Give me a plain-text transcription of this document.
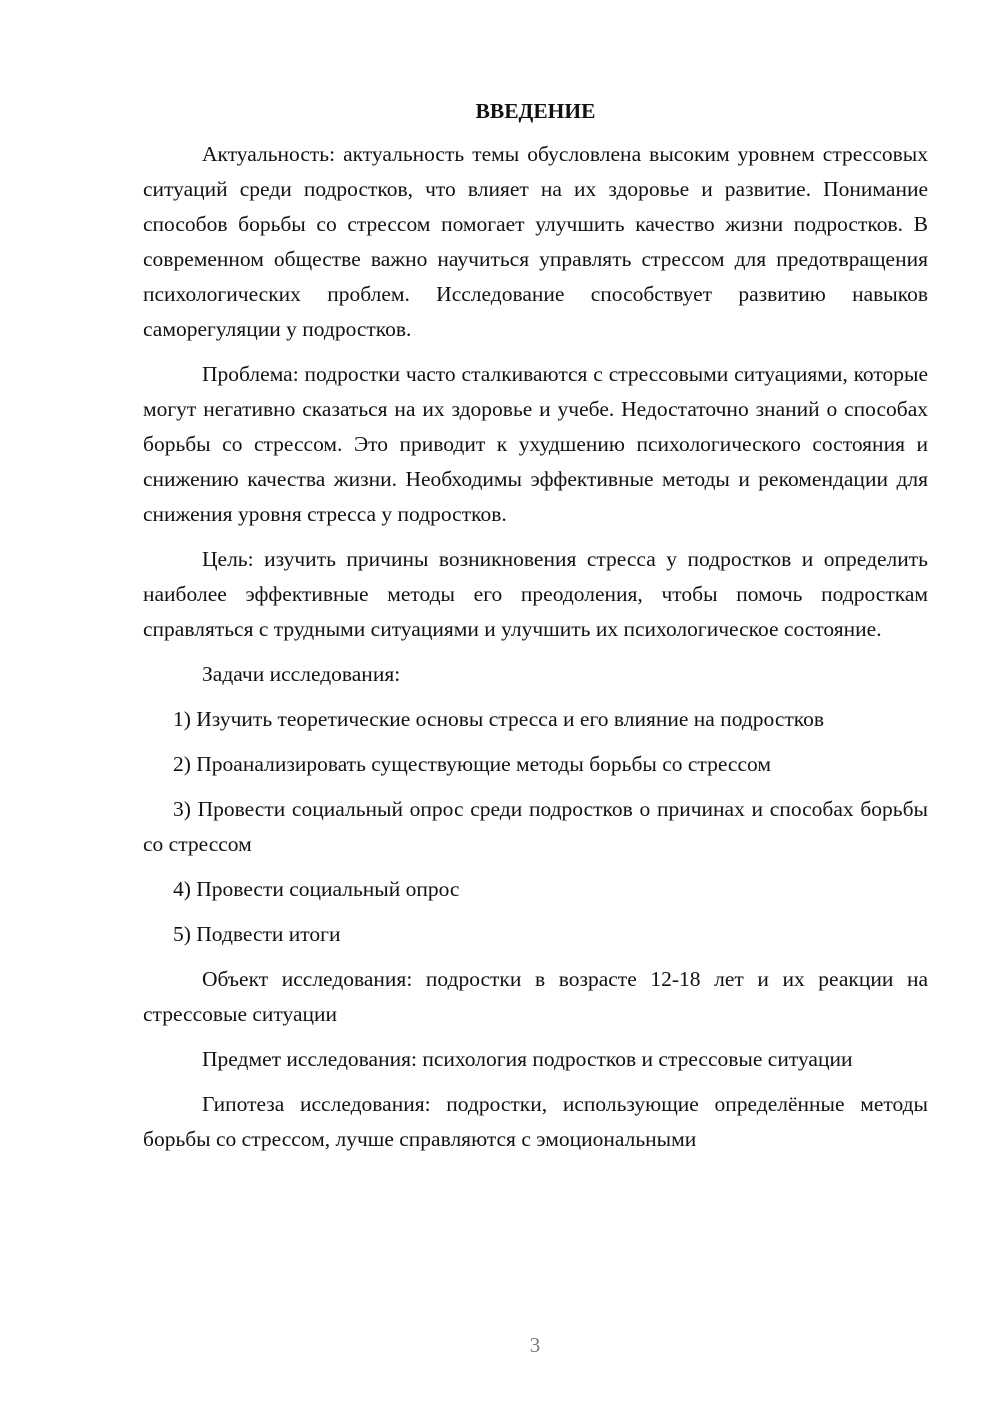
ВВЕДЕНИЕ

Актуальность: актуальность темы обусловлена высоким уровнем стрессовых ситуаций среди подростков, что влияет на их здоровье и развитие. Понимание способов борьбы со стрессом помогает улучшить качество жизни подростков. В современном обществе важно научиться управлять стрессом для предотвращения психологических проблем. Исследование способствует развитию навыков саморегуляции у подростков.

Проблема: подростки часто сталкиваются с стрессовыми ситуациями, которые могут негативно сказаться на их здоровье и учебе. Недостаточно знаний о способах борьбы со стрессом. Это приводит к ухудшению психологического состояния и снижению качества жизни. Необходимы эффективные методы и рекомендации для снижения уровня стресса у подростков.

Цель: изучить причины возникновения стресса у подростков и определить наиболее эффективные методы его преодоления, чтобы помочь подросткам справляться с трудными ситуациями и улучшить их психологическое состояние.

Задачи исследования:

1) Изучить теоретические основы стресса и его влияние на подростков

2) Проанализировать существующие методы борьбы со стрессом

3) Провести социальный опрос среди подростков о причинах и способах борьбы со стрессом

4) Провести социальный опрос

5) Подвести итоги

Объект исследования: подростки в возрасте 12-18 лет и их реакции на стрессовые ситуации

Предмет исследования: психология подростков и стрессовые ситуации

Гипотеза исследования: подростки, использующие определённые методы борьбы со стрессом, лучше справляются с эмоциональными

3
